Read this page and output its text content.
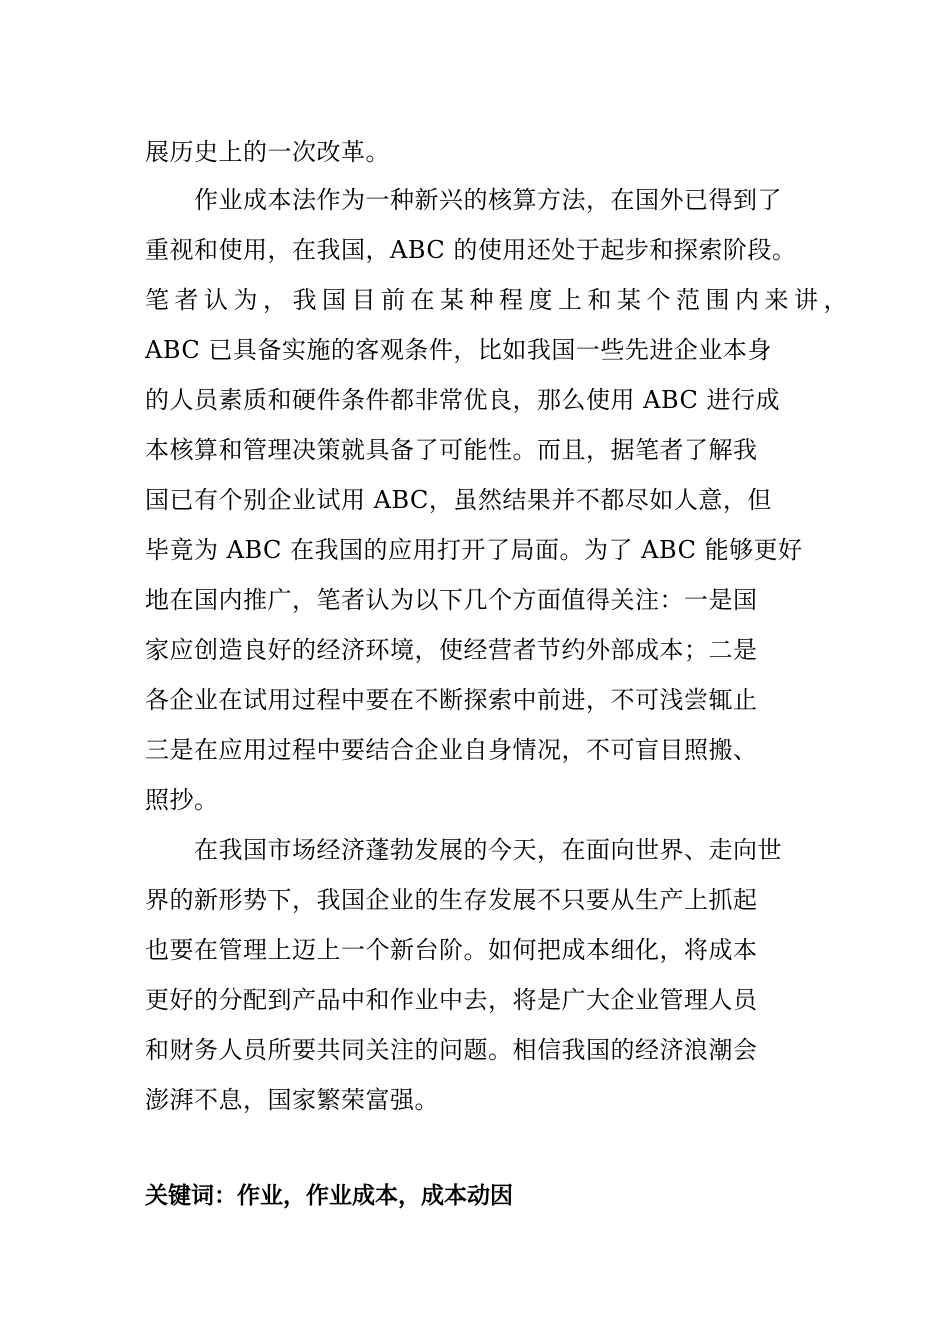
展历史上的一次改革。
　　作业成本法作为一种新兴的核算方法，在国外已得到了
重视和使用，在我国，ABC 的使用还处于起步和探索阶段。
笔者认为，我国目前在某种程度上和某个范围内来讲，
ABC 已具备实施的客观条件，比如我国一些先进企业本身
的人员素质和硬件条件都非常优良，那么使用 ABC 进行成
本核算和管理决策就具备了可能性。而且，据笔者了解我
国已有个别企业试用 ABC，虽然结果并不都尽如人意，但
毕竟为 ABC 在我国的应用打开了局面。为了 ABC 能够更好
地在国内推广，笔者认为以下几个方面值得关注：一是国
家应创造良好的经济环境，使经营者节约外部成本；二是
各企业在试用过程中要在不断探索中前进，不可浅尝辄止
三是在应用过程中要结合企业自身情况，不可盲目照搬、
照抄。
　　在我国市场经济蓬勃发展的今天，在面向世界、走向世
界的新形势下，我国企业的生存发展不只要从生产上抓起
也要在管理上迈上一个新台阶。如何把成本细化，将成本
更好的分配到产品中和作业中去，将是广大企业管理人员
和财务人员所要共同关注的问题。相信我国的经济浪潮会
澎湃不息，国家繁荣富强。
关键词：作业，作业成本，成本动因
